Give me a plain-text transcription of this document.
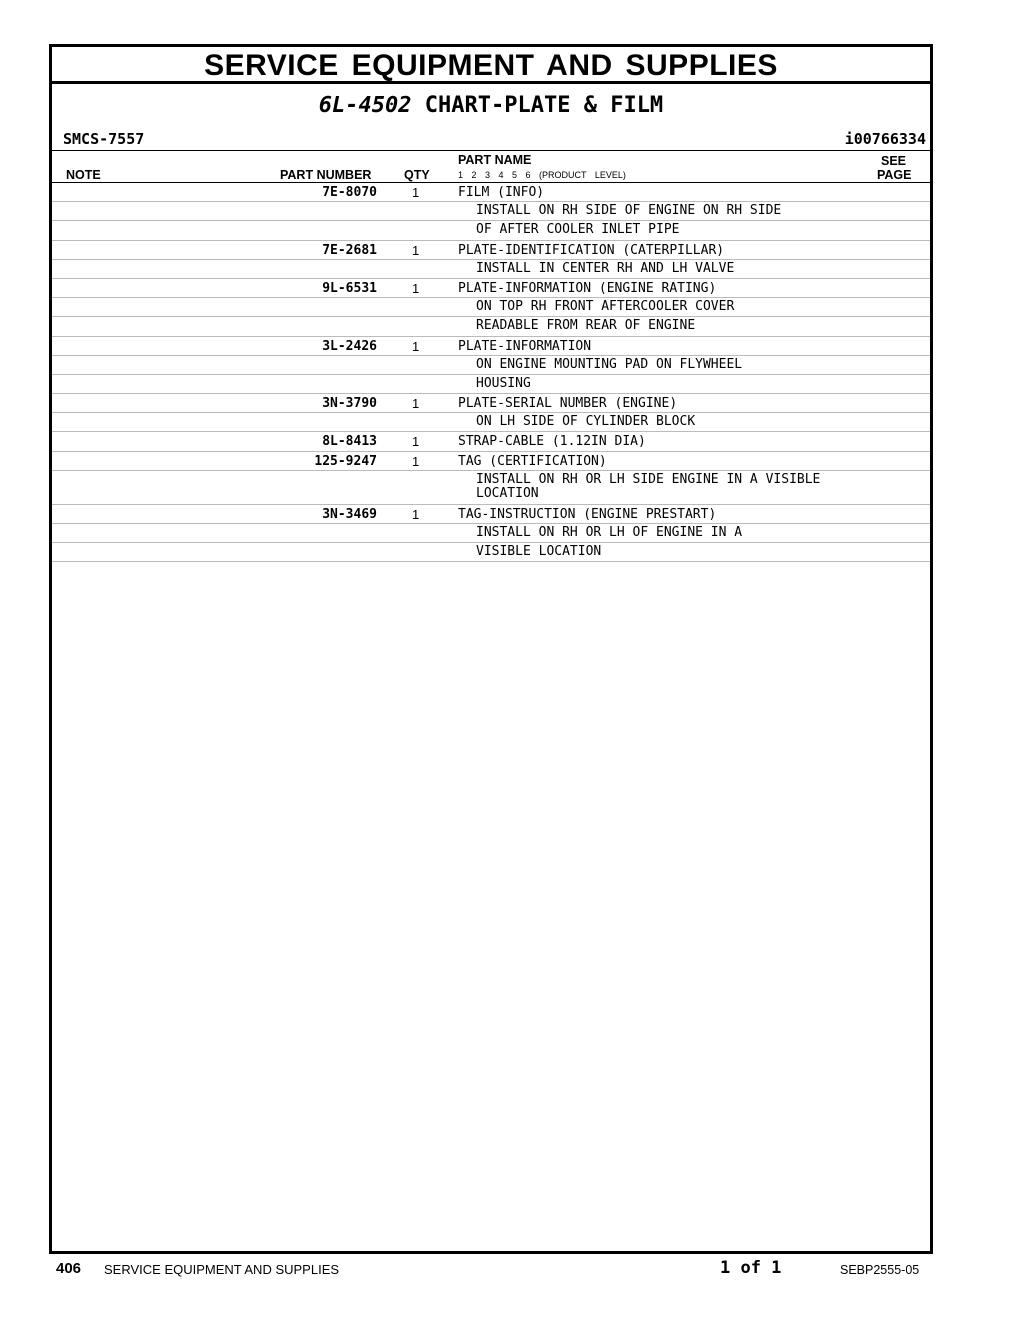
SERVICE EQUIPMENT AND SUPPLIES
6L-4502 CHART-PLATE & FILM
SMCS-7557	i00766334
PART NAME	SEE
NOTE	PART NUMBER	QTY	1 2 3 4 5 6 (PRODUCT LEVEL)	PAGE
7E-8070	1	FILM (INFO)
INSTALL ON RH SIDE OF ENGINE ON RH SIDE
OF AFTER COOLER INLET PIPE
7E-2681	1	PLATE-IDENTIFICATION (CATERPILLAR)
INSTALL IN CENTER RH AND LH VALVE
9L-6531	1	PLATE-INFORMATION (ENGINE RATING)
ON TOP RH FRONT AFTERCOOLER COVER
READABLE FROM REAR OF ENGINE
3L-2426	1	PLATE-INFORMATION
ON ENGINE MOUNTING PAD ON FLYWHEEL
HOUSING
3N-3790	1	PLATE-SERIAL NUMBER (ENGINE)
ON LH SIDE OF CYLINDER BLOCK
8L-8413	1	STRAP-CABLE (1.12IN DIA)
125-9247	1	TAG (CERTIFICATION)
INSTALL ON RH OR LH SIDE ENGINE IN A VISIBLE
LOCATION
3N-3469	1	TAG-INSTRUCTION (ENGINE PRESTART)
INSTALL ON RH OR LH OF ENGINE IN A
VISIBLE LOCATION
406 SERVICE EQUIPMENT AND SUPPLIES	1 of 1	SEBP2555-05
